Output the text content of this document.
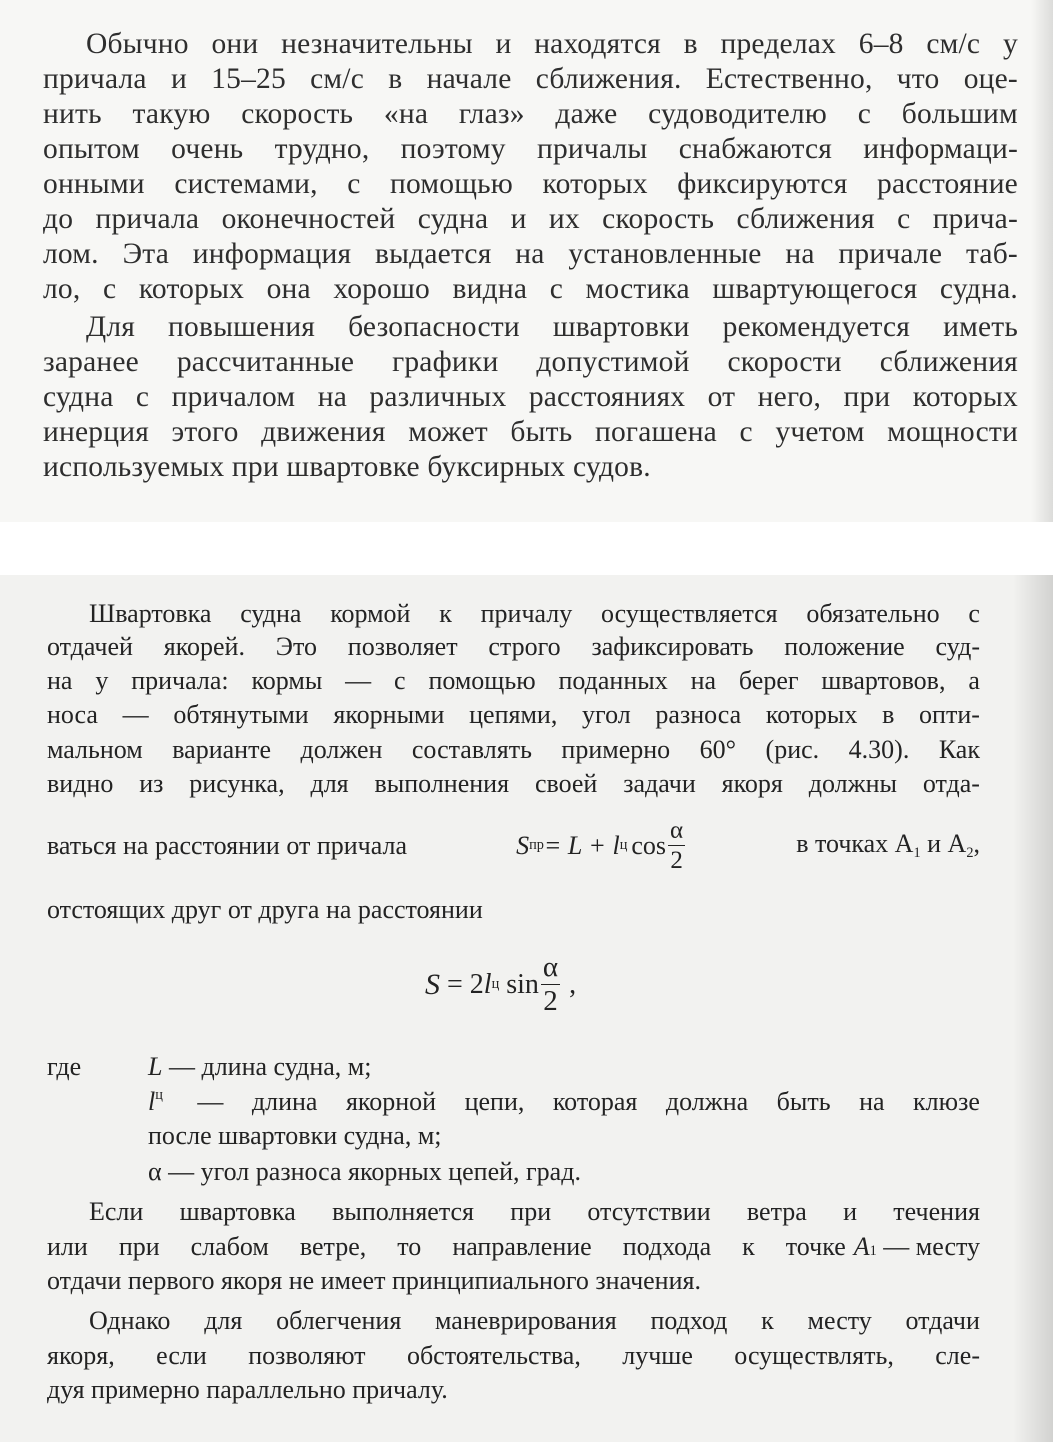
Обычно они незначительны и находятся в пределах 6–8 см/с у
причала и 15–25 см/с в начале сближения. Естественно, что оце-
нить такую скорость «на глаз» даже судоводителю с большим
опытом очень трудно, поэтому причалы снабжаются информаци-
онными системами, с помощью которых фиксируются расстояние
до причала оконечностей судна и их скорость сближения с прича-
лом. Эта информация выдается на установленные на причале таб-
ло, с которых она хорошо видна с мостика швартующегося судна.
Для повышения безопасности швартовки рекомендуется иметь
заранее рассчитанные графики допустимой скорости сближения
судна с причалом на различных расстояниях от него, при которых
инерция этого движения может быть погашена с учетом мощности
используемых при швартовке буксирных судов.
Швартовка судна кормой к причалу осуществляется обязательно с
отдачей якорей. Это позволяет строго зафиксировать положение суд-
на у причала: кормы — с помощью поданных на берег швартовов, а
носа — обтянутыми якорными цепями, угол разноса которых в опти-
мальном варианте должен составлять примерно 60° (рис. 4.30). Как
видно из рисунка, для выполнения своей задачи якоря должны отда-
ваться на расстоянии от причала	S пр = L + l ц $\cos \frac{\alpha}{2}$	в точках $A_1$ и $A_2$,
отстоящих друг от друга на расстоянии
S = 2 l ц $\sin \frac{\alpha}{2}$ ,
где	L — длина судна, м;
l ц — длина якорной цепи, которая должна быть на клюзе
после швартовки судна, м;
α — угол разноса якорных цепей, град.
Если швартовка выполняется при отсутствии ветра и течения
или при слабом ветре, то направление подхода к точке A 1 — месту
отдачи первого якоря не имеет принципиального значения.
Однако для облегчения маневрирования подход к месту отдачи
якоря, если позволяют обстоятельства, лучше осуществлять, сле-
дуя примерно параллельно причалу.
